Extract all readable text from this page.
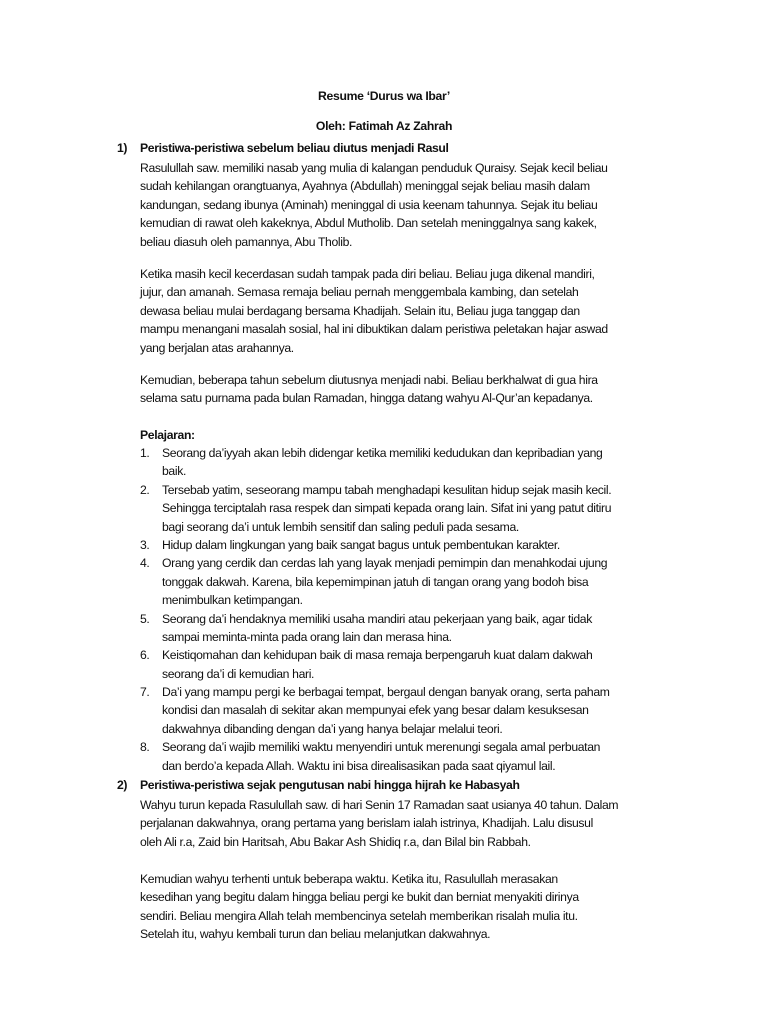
Resume ‘Durus wa Ibar’
Oleh: Fatimah Az Zahrah
1) Peristiwa-peristiwa sebelum beliau diutus menjadi Rasul
Rasulullah saw. memiliki nasab yang mulia di kalangan penduduk Quraisy. Sejak kecil beliau
sudah kehilangan orangtuanya, Ayahnya (Abdullah) meninggal sejak beliau masih dalam
kandungan, sedang ibunya (Aminah) meninggal di usia keenam tahunnya. Sejak itu beliau
kemudian di rawat oleh kakeknya, Abdul Mutholib. Dan setelah meninggalnya sang kakek,
beliau diasuh oleh pamannya, Abu Tholib.
Ketika masih kecil kecerdasan sudah tampak pada diri beliau. Beliau juga dikenal mandiri,
jujur, dan amanah. Semasa remaja beliau pernah menggembala kambing, dan setelah
dewasa beliau mulai berdagang bersama Khadijah. Selain itu, Beliau juga tanggap dan
mampu menangani masalah sosial, hal ini dibuktikan dalam peristiwa peletakan hajar aswad
yang berjalan atas arahannya.
Kemudian, beberapa tahun sebelum diutusnya menjadi nabi. Beliau berkhalwat di gua hira
selama satu purnama pada bulan Ramadan, hingga datang wahyu Al-Qur’an kepadanya.
Pelajaran:
1. Seorang da’iyyah akan lebih didengar ketika memiliki kedudukan dan kepribadian yang
baik.
2. Tersebab yatim, seseorang mampu tabah menghadapi kesulitan hidup sejak masih kecil.
Sehingga terciptalah rasa respek dan simpati kepada orang lain. Sifat ini yang patut ditiru
bagi seorang da’i untuk lembih sensitif dan saling peduli pada sesama.
3. Hidup dalam lingkungan yang baik sangat bagus untuk pembentukan karakter.
4. Orang yang cerdik dan cerdas lah yang layak menjadi pemimpin dan menahkodai ujung
tonggak dakwah. Karena, bila kepemimpinan jatuh di tangan orang yang bodoh bisa
menimbulkan ketimpangan.
5. Seorang da’i hendaknya memiliki usaha mandiri atau pekerjaan yang baik, agar tidak
sampai meminta-minta pada orang lain dan merasa hina.
6. Keistiqomahan dan kehidupan baik di masa remaja berpengaruh kuat dalam dakwah
seorang da’i di kemudian hari.
7. Da’i yang mampu pergi ke berbagai tempat, bergaul dengan banyak orang, serta paham
kondisi dan masalah di sekitar akan mempunyai efek yang besar dalam kesuksesan
dakwahnya dibanding dengan da’i yang hanya belajar melalui teori.
8. Seorang da’i wajib memiliki waktu menyendiri untuk merenungi segala amal perbuatan
dan berdo’a kepada Allah. Waktu ini bisa direalisasikan pada saat qiyamul lail.
2) Peristiwa-peristiwa sejak pengutusan nabi hingga hijrah ke Habasyah
Wahyu turun kepada Rasulullah saw. di hari Senin 17 Ramadan saat usianya 40 tahun. Dalam
perjalanan dakwahnya, orang pertama yang berislam ialah istrinya, Khadijah. Lalu disusul
oleh Ali r.a, Zaid bin Haritsah, Abu Bakar Ash Shidiq r.a, dan Bilal bin Rabbah.
Kemudian wahyu terhenti untuk beberapa waktu. Ketika itu, Rasulullah merasakan
kesedihan yang begitu dalam hingga beliau pergi ke bukit dan berniat menyakiti dirinya
sendiri. Beliau mengira Allah telah membencinya setelah memberikan risalah mulia itu.
Setelah itu, wahyu kembali turun dan beliau melanjutkan dakwahnya.
